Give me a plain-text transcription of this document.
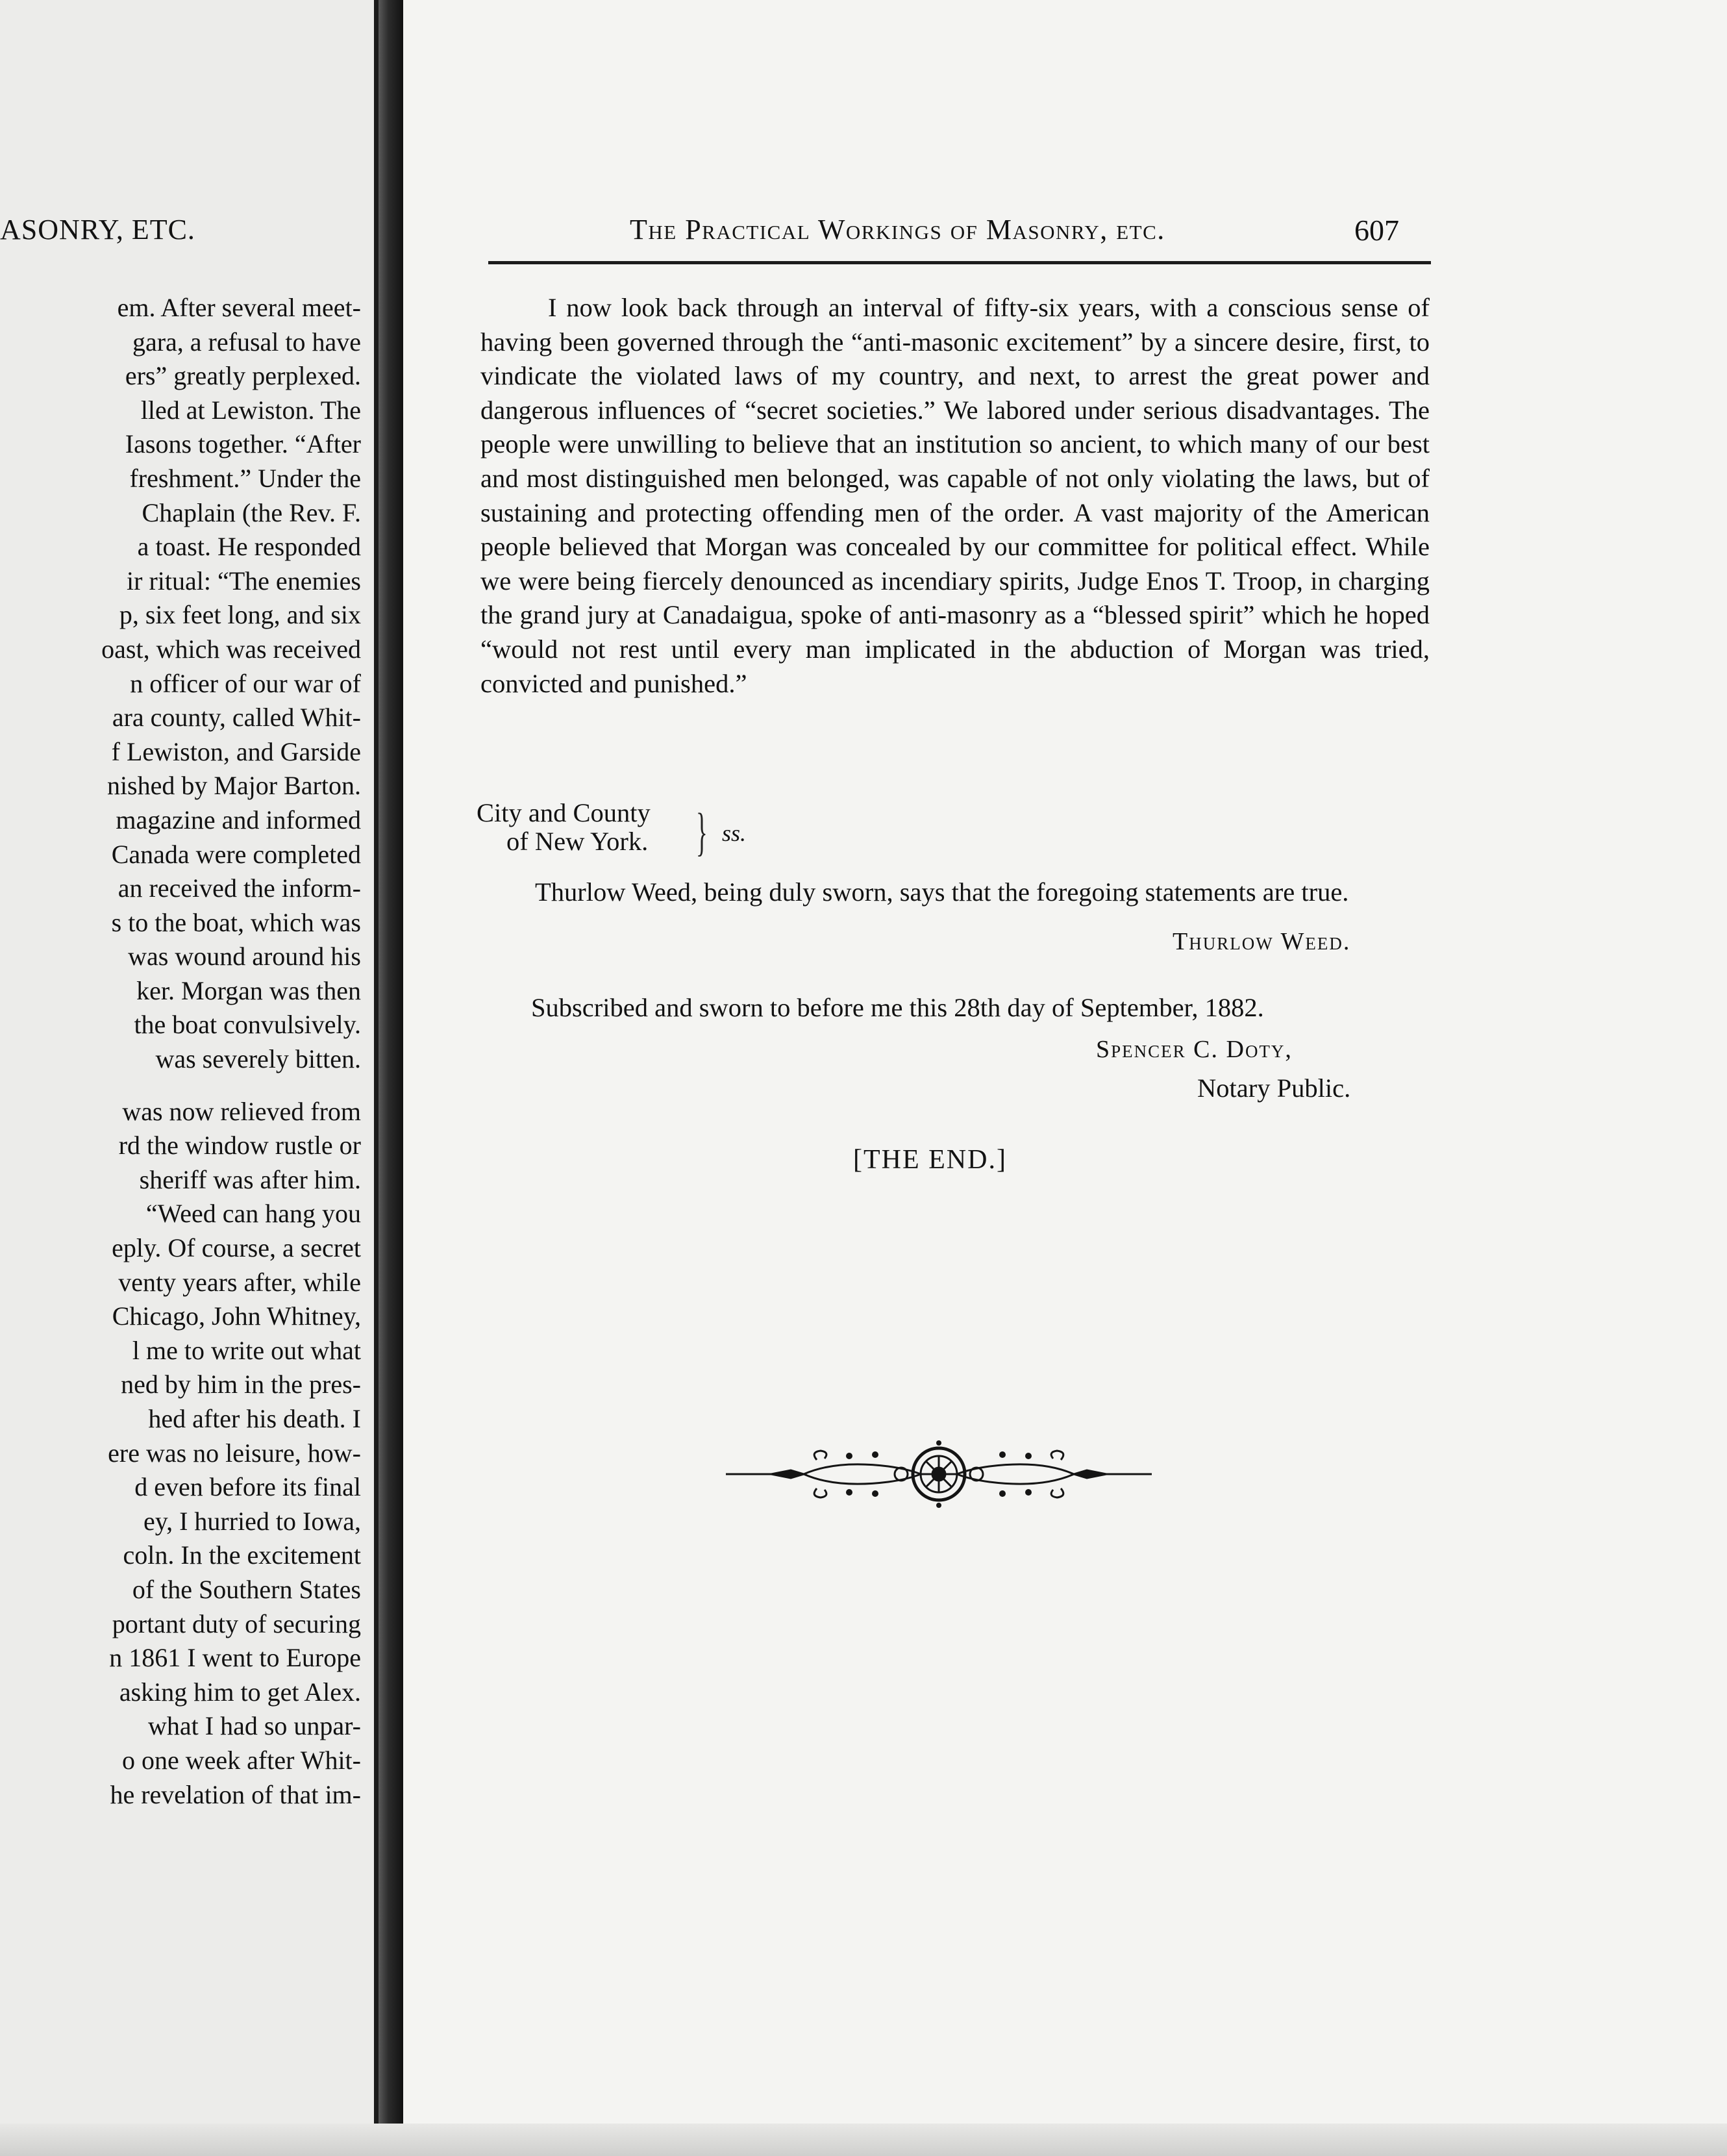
ASONRY, ETC.
em. After several meet-
gara, a refusal to have
ers” greatly perplexed.
lled at Lewiston. The
Iasons together. “After
freshment.” Under the
Chaplain (the Rev. F.
a toast. He responded
ir ritual: “The enemies
p, six feet long, and six
oast, which was received
n officer of our war of
ara county, called Whit-
f Lewiston, and Garside
nished by Major Barton.
magazine and informed
Canada were completed
an received the inform-
s to the boat, which was
was wound around his
ker. Morgan was then
the boat convulsively.
was severely bitten.
was now relieved from
rd the window rustle or
sheriff was after him.
“Weed can hang you
eply. Of course, a secret
venty years after, while
Chicago, John Whitney,
l me to write out what
ned by him in the pres-
hed after his death. I
ere was no leisure, how-
d even before its final
ey, I hurried to Iowa,
coln. In the excitement
of the Southern States
portant duty of securing
n 1861 I went to Europe
asking him to get Alex.
what I had so unpar-
o one week after Whit-
he revelation of that im-
The Practical Workings of Masonry, etc.	607

I now look back through an interval of fifty-six years, with a conscious sense of having been governed through the “anti-masonic excitement” by a sincere desire, first, to vindicate the violated laws of my country, and next, to arrest the great power and dangerous influences of “secret societies.” We labored under serious disadvantages. The people were unwilling to believe that an institution so ancient, to which many of our best and most distinguished men belonged, was capable of not only violating the laws, but of sustaining and protecting offending men of the order. A vast majority of the American people believed that Morgan was concealed by our committee for political effect. While we were being fiercely denounced as incendiary spirits, Judge Enos T. Troop, in charging the grand jury at Canadaigua, spoke of anti-masonry as a “blessed spirit” which he hoped “would not rest until every man implicated in the abduction of Morgan was tried, convicted and punished.”

City and County
of New York. } ss.

Thurlow Weed, being duly sworn, says that the foregoing statements are true.

Thurlow Weed.
Subscribed and sworn to before me this 28th day of September, 1882.
Spencer C. Doty,
Notary Public.
[THE END.]
